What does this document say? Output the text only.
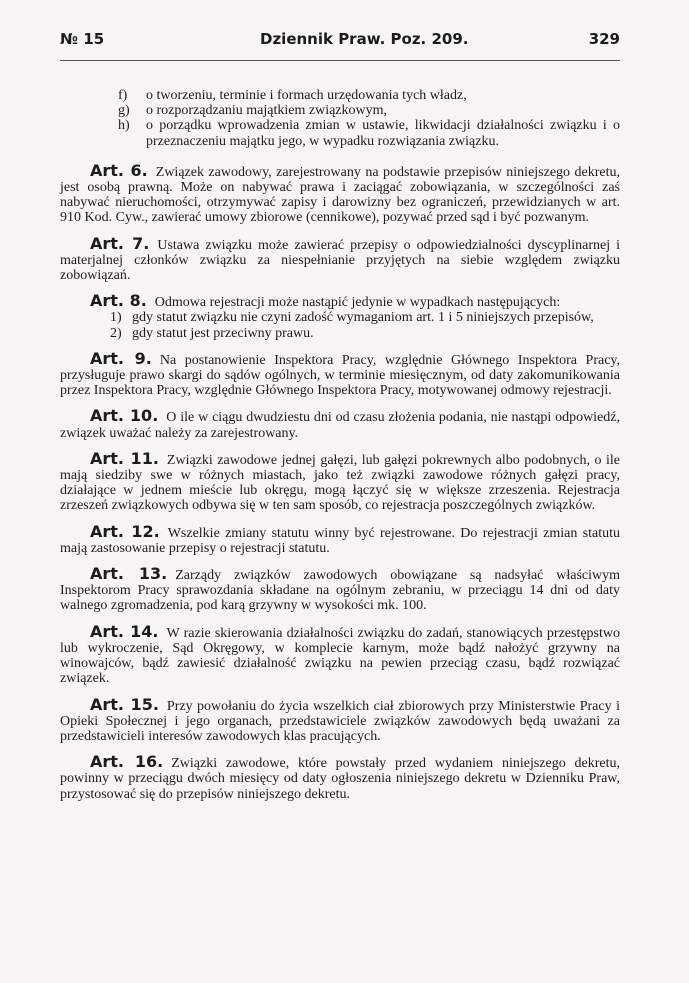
№ 15	Dziennik Praw. Poz. 209.	329

f) o tworzeniu, terminie i formach urzędowania tych władz,

g) o rozporządzaniu majątkiem związkowym,

h) o porządku wprowadzenia zmian w ustawie, likwidacji działalności związku i o przeznaczeniu majątku jego, w wypadku rozwiązania związku.

Art. 6. Związek zawodowy, zarejestrowany na podstawie przepisów niniejszego dekretu, jest osobą prawną. Może on nabywać prawa i zaciągać zobowiązania, w szczególności zaś nabywać nieruchomości, otrzymywać zapisy i darowizny bez ograniczeń, przewidzianych w art. 910 Kod. Cyw., zawierać umowy zbiorowe (cennikowe), pozywać przed sąd i być pozwanym.

Art. 7. Ustawa związku może zawierać przepisy o odpowiedzialności dyscyplinarnej i materjalnej członków związku za niespełnianie przyjętych na siebie względem związku zobowiązań.

Art. 8. Odmowa rejestracji może nastąpić jedynie w wypadkach następujących:

1) gdy statut związku nie czyni zadość wymaganiom art. 1 i 5 niniejszych przepisów,

2) gdy statut jest przeciwny prawu.

Art. 9. Na postanowienie Inspektora Pracy, względnie Głównego Inspektora Pracy, przysługuje prawo skargi do sądów ogólnych, w terminie miesięcznym, od daty zakomunikowania przez Inspektora Pracy, względnie Głównego Inspektora Pracy, motywowanej odmowy rejestracji.

Art. 10. O ile w ciągu dwudziestu dni od czasu złożenia podania, nie nastąpi odpowiedź, związek uważać należy za zarejestrowany.

Art. 11. Związki zawodowe jednej gałęzi, lub gałęzi pokrewnych albo podobnych, o ile mają siedziby swe w różnych miastach, jako też związki zawodowe różnych gałęzi pracy, działające w jednem mieście lub okręgu, mogą łączyć się w większe zrzeszenia. Rejestracja zrzeszeń związkowych odbywa się w ten sam sposób, co rejestracja poszczególnych związków.

Art. 12. Wszelkie zmiany statutu winny być rejestrowane. Do rejestracji zmian statutu mają zastosowanie przepisy o rejestracji statutu.

Art. 13. Zarządy związków zawodowych obowiązane są nadsyłać właściwym Inspektorom Pracy sprawozdania składane na ogólnym zebraniu, w przeciągu 14 dni od daty walnego zgromadzenia, pod karą grzywny w wysokości mk. 100.

Art. 14. W razie skierowania działalności związku do zadań, stanowiących przestępstwo lub wykroczenie, Sąd Okręgowy, w komplecie karnym, może bądź nałożyć grzywny na winowajców, bądź zawiesić działalność związku na pewien przeciąg czasu, bądź rozwiązać związek.

Art. 15. Przy powołaniu do życia wszelkich ciał zbiorowych przy Ministerstwie Pracy i Opieki Społecznej i jego organach, przedstawiciele związków zawodowych będą uważani za przedstawicieli interesów zawodowych klas pracujących.

Art. 16. Związki zawodowe, które powstały przed wydaniem niniejszego dekretu, powinny w przeciągu dwóch miesięcy od daty ogłoszenia niniejszego dekretu w Dzienniku Praw, przystosować się do przepisów niniejszego dekretu.
